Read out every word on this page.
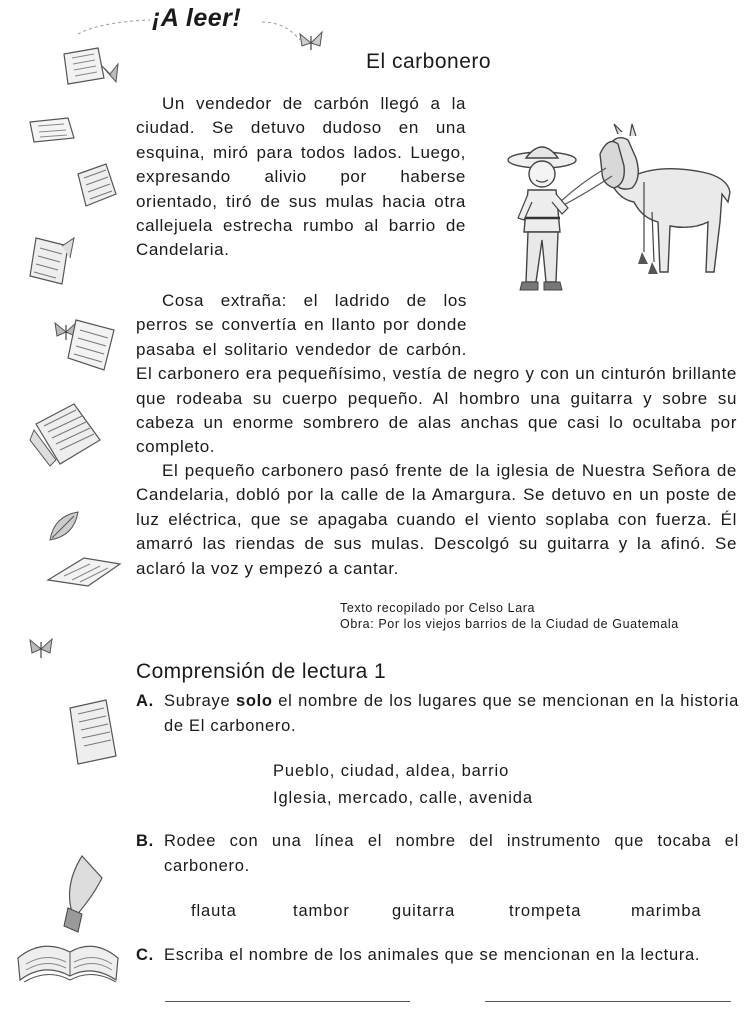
¡A leer!
El carbonero

Un vendedor de carbón llegó a la ciudad. Se detuvo dudoso en una esquina, miró para todos lados. Luego, expresando alivio por haberse orientado, tiró de sus mulas hacia otra callejuela estrecha rumbo al barrio de Candelaria.

Cosa extraña: el ladrido de los perros se convertía en llanto por donde pasaba el solitario vendedor de carbón. El carbonero era pequeñísimo, vestía de negro y con un cinturón brillante que rodeaba su cuerpo pequeño. Al hombro una guitarra y sobre su cabeza un enorme sombrero de alas anchas que casi lo ocultaba por completo.

El pequeño carbonero pasó frente de la iglesia de Nuestra Señora de Candelaria, dobló por la calle de la Amargura. Se detuvo en un poste de luz eléctrica, que se apagaba cuando el viento soplaba con fuerza. Él amarró las riendas de sus mulas. Descolgó su guitarra y la afinó. Se aclaró la voz y empezó a cantar.

Texto recopilado por Celso Lara
Obra: Por los viejos barrios de la Ciudad de Guatemala
Comprensión de lectura 1
A. Subraye solo el nombre de los lugares que se mencionan en la historia de El carbonero.
Pueblo, ciudad, aldea, barrio
Iglesia, mercado, calle, avenida
B. Rodee con una línea el nombre del instrumento que tocaba el carbonero.
flauta	tambor	guitarra	trompeta	marimba
C. Escriba el nombre de los animales que se mencionan en la lectura.
